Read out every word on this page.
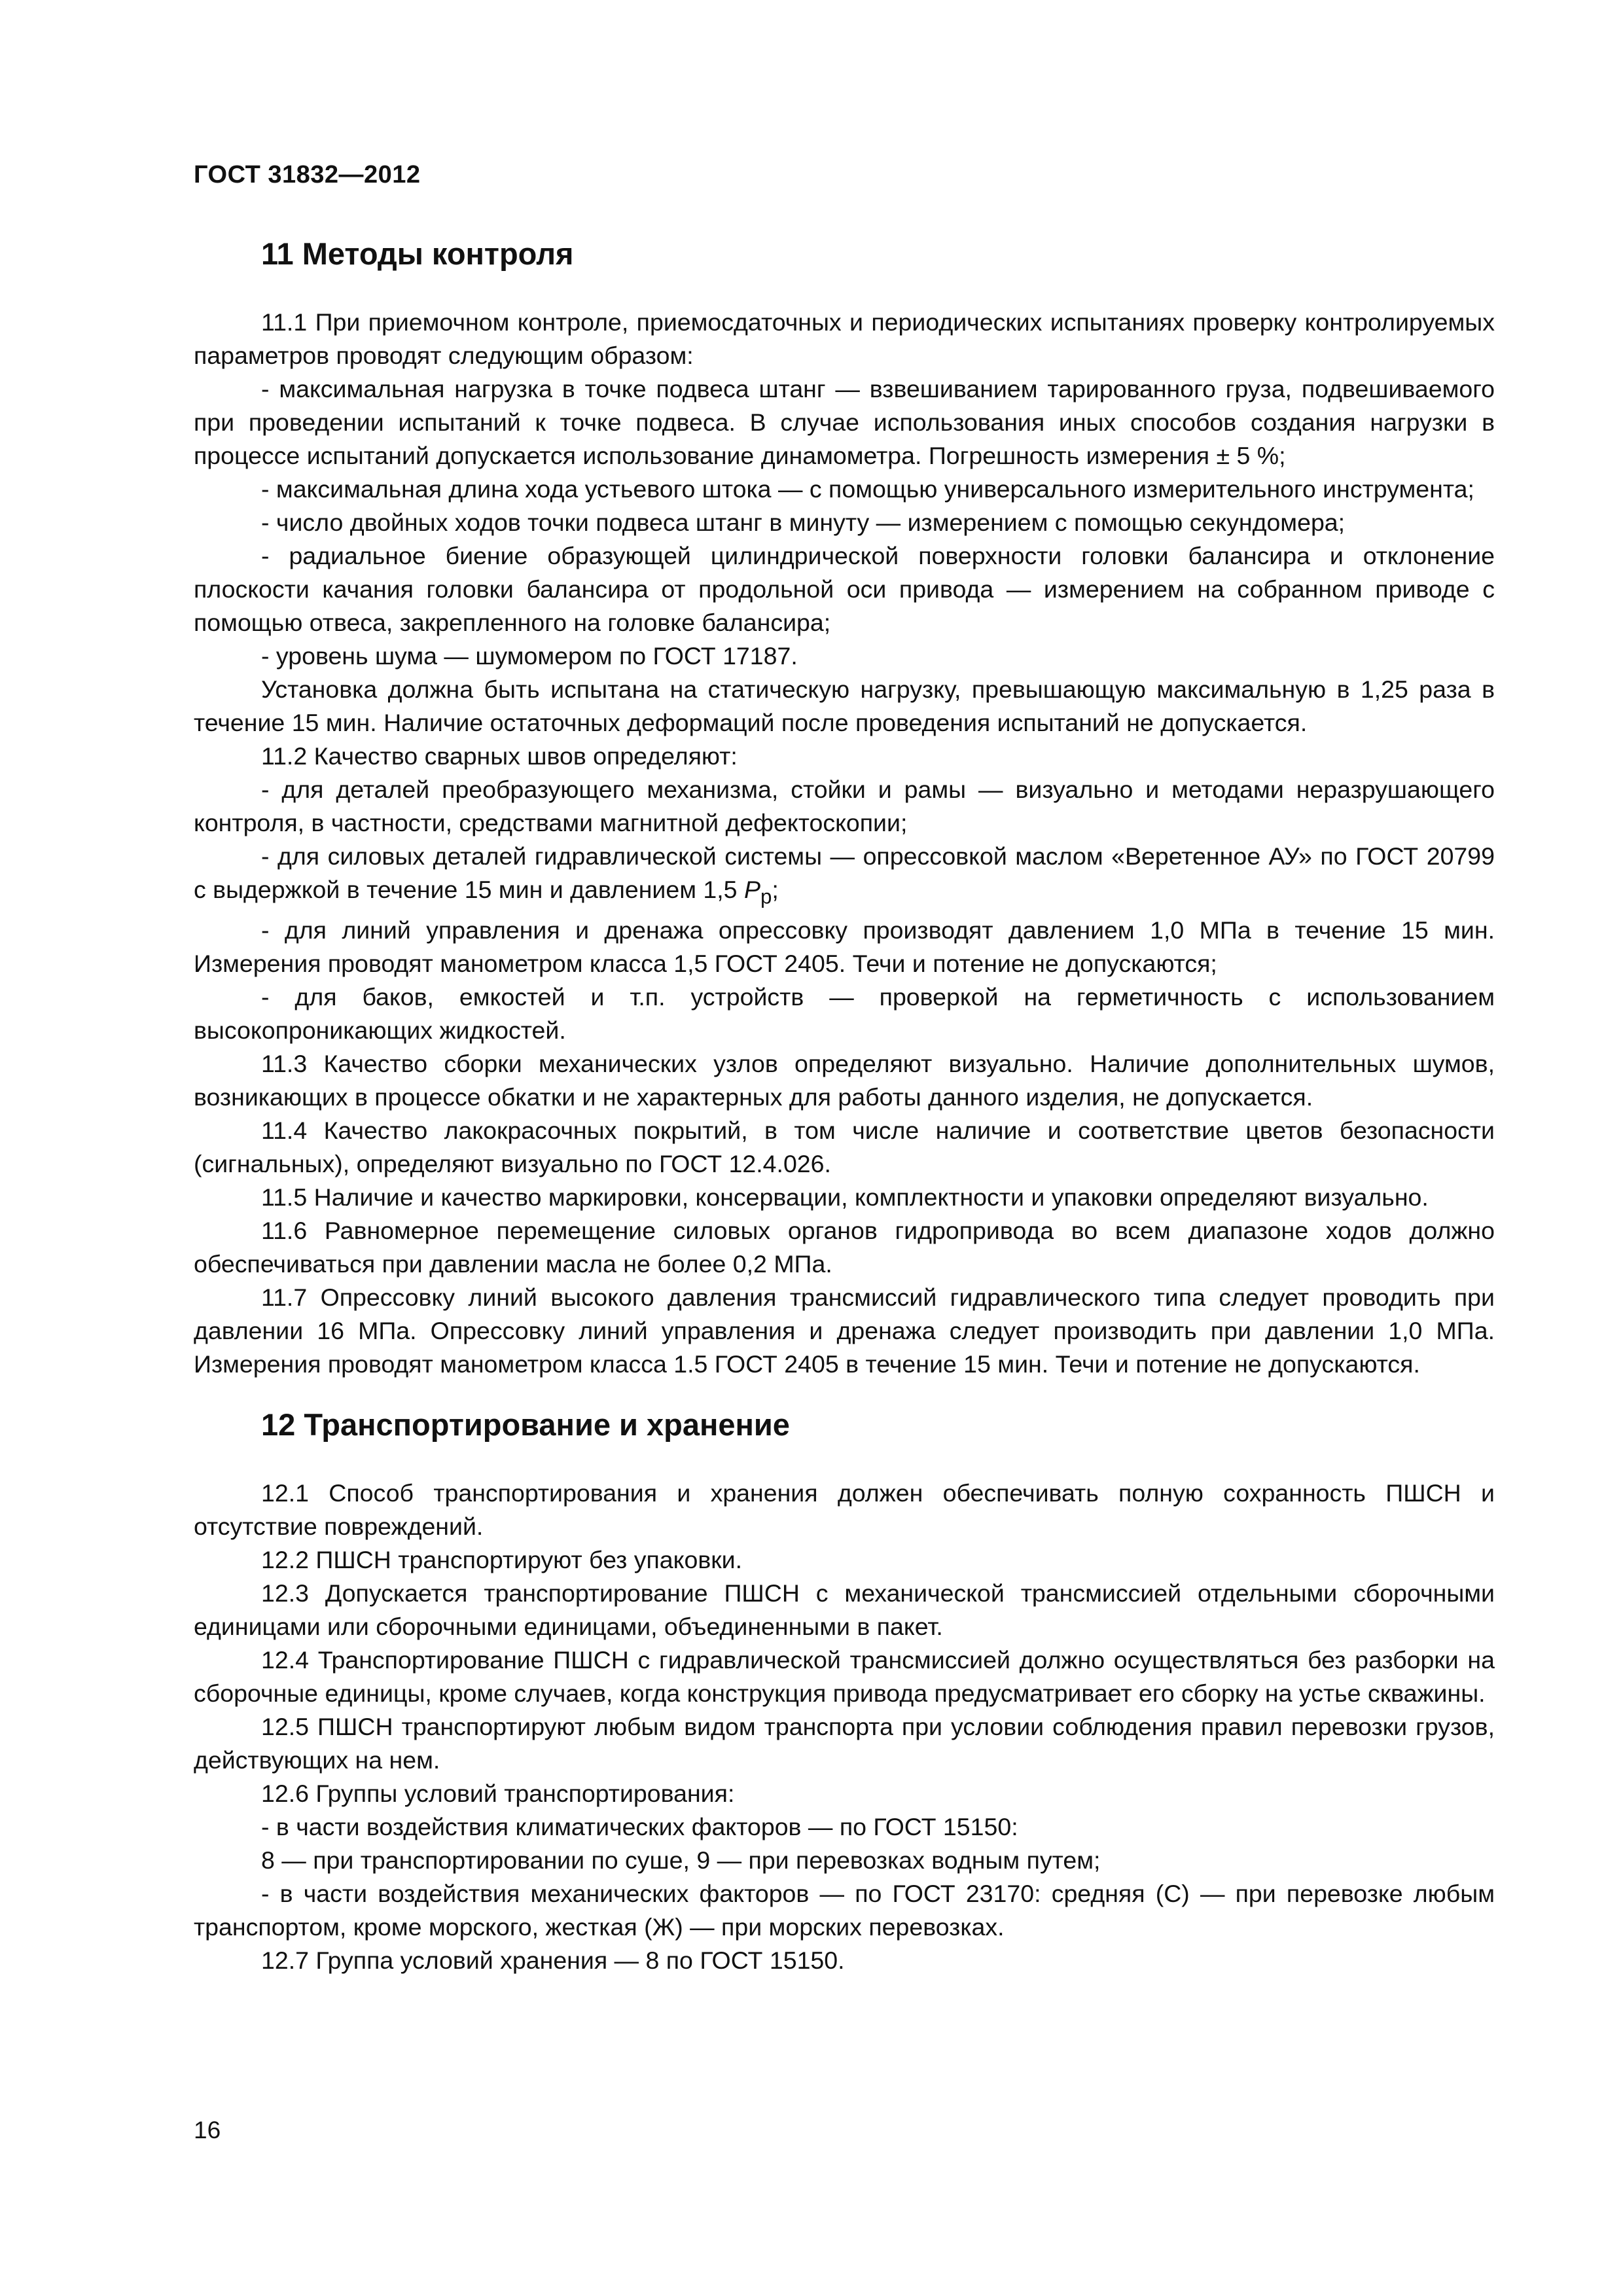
ГОСТ 31832—2012
11 Методы контроля

11.1 При приемочном контроле, приемосдаточных и периодических испытаниях проверку контролируемых параметров проводят следующим образом:

- максимальная нагрузка в точке подвеса штанг — взвешиванием тарированного груза, подвешиваемого при проведении испытаний к точке подвеса. В случае использования иных способов создания нагрузки в процессе испытаний допускается использование динамометра. Погрешность измерения ± 5 %;

- максимальная длина хода устьевого штока — с помощью универсального измерительного инструмента;

- число двойных ходов точки подвеса штанг в минуту — измерением с помощью секундомера;

- радиальное биение образующей цилиндрической поверхности головки балансира и отклонение плоскости качания головки балансира от продольной оси привода — измерением на собранном приводе с помощью отвеса, закрепленного на головке балансира;

- уровень шума — шумомером по ГОСТ 17187.

Установка должна быть испытана на статическую нагрузку, превышающую максимальную в 1,25 раза в течение 15 мин. Наличие остаточных деформаций после проведения испытаний не допускается.

11.2 Качество сварных швов определяют:

- для деталей преобразующего механизма, стойки и рамы — визуально и методами неразрушающего контроля, в частности, средствами магнитной дефектоскопии;

- для силовых деталей гидравлической системы — опрессовкой маслом «Веретенное АУ» по ГОСТ 20799 с выдержкой в течение 15 мин и давлением 1,5 $P_р$;

- для линий управления и дренажа опрессовку производят давлением 1,0 МПа в течение 15 мин. Измерения проводят манометром класса 1,5 ГОСТ 2405. Течи и потение не допускаются;

- для баков, емкостей и т.п. устройств — проверкой на герметичность с использованием высокопроникающих жидкостей.

11.3 Качество сборки механических узлов определяют визуально. Наличие дополнительных шумов, возникающих в процессе обкатки и не характерных для работы данного изделия, не допускается.

11.4 Качество лакокрасочных покрытий, в том числе наличие и соответствие цветов безопасности (сигнальных), определяют визуально по ГОСТ 12.4.026.

11.5 Наличие и качество маркировки, консервации, комплектности и упаковки определяют визуально.

11.6 Равномерное перемещение силовых органов гидропривода во всем диапазоне ходов должно обеспечиваться при давлении масла не более 0,2 МПа.

11.7 Опрессовку линий высокого давления трансмиссий гидравлического типа следует проводить при давлении 16 МПа. Опрессовку линий управления и дренажа следует производить при давлении 1,0 МПа. Измерения проводят манометром класса 1.5 ГОСТ 2405 в течение 15 мин. Течи и потение не допускаются.

12 Транспортирование и хранение

12.1 Способ транспортирования и хранения должен обеспечивать полную сохранность ПШСН и отсутствие повреждений.

12.2 ПШСН транспортируют без упаковки.

12.3 Допускается транспортирование ПШСН с механической трансмиссией отдельными сборочными единицами или сборочными единицами, объединенными в пакет.

12.4 Транспортирование ПШСН с гидравлической трансмиссией должно осуществляться без разборки на сборочные единицы, кроме случаев, когда конструкция привода предусматривает его сборку на устье скважины.

12.5 ПШСН транспортируют любым видом транспорта при условии соблюдения правил перевозки грузов, действующих на нем.

12.6 Группы условий транспортирования:

- в части воздействия климатических факторов — по ГОСТ 15150:

8 — при транспортировании по суше, 9 — при перевозках водным путем;

- в части воздействия механических факторов — по ГОСТ 23170: средняя (С) — при перевозке любым транспортом, кроме морского, жесткая (Ж) — при морских перевозках.

12.7 Группа условий хранения — 8 по ГОСТ 15150.

16
